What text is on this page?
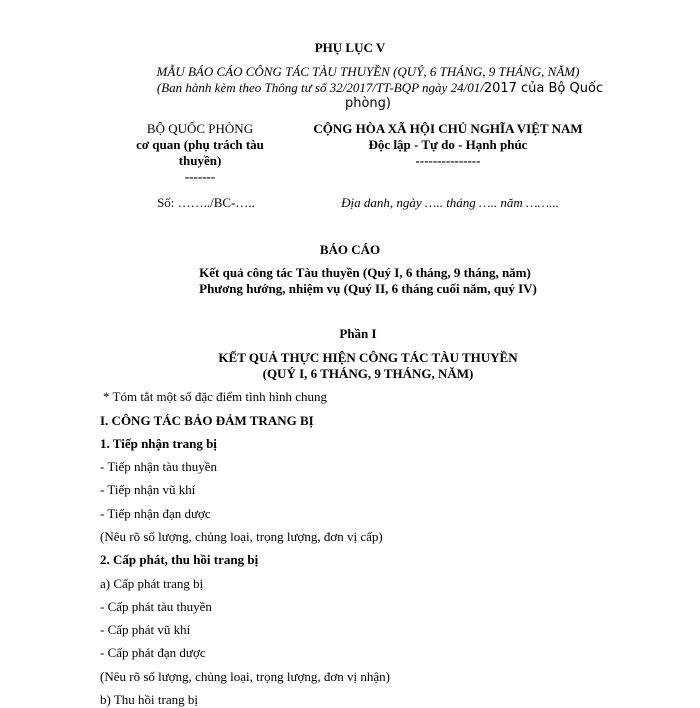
PHỤ LỤC V
MẪU BÁO CÁO CÔNG TÁC TÀU THUYỀN (QUÝ, 6 THÁNG, 9 THÁNG, NĂM)
(Ban hành kèm theo Thông tư số 32/2017/TT-BQP ngày 24/01/2017 của Bộ Quốc
phòng)
BỘ QUỐC PHÒNG
cơ quan (phụ trách tàu
thuyền)
-------
Số: ……../BC-…..
CỘNG HÒA XÃ HỘI CHỦ NGHĨA VIỆT NAM
Độc lập - Tự do - Hạnh phúc
---------------
Địa danh, ngày ….. tháng ….. năm ……...
BÁO CÁO
Kết quả công tác Tàu thuyền (Quý I, 6 tháng, 9 tháng, năm)
Phương hướng, nhiệm vụ (Quý II, 6 tháng cuối năm, quý IV)
Phần I
KẾT QUẢ THỰC HIỆN CÔNG TÁC TÀU THUYỀN
(QUÝ I, 6 THÁNG, 9 THÁNG, NĂM)
* Tóm tắt một số đặc điểm tình hình chung
I. CÔNG TÁC BẢO ĐẢM TRANG BỊ
1. Tiếp nhận trang bị
- Tiếp nhận tàu thuyền
- Tiếp nhận vũ khí
- Tiếp nhận đạn dược
(Nêu rõ số lượng, chủng loại, trọng lượng, đơn vị cấp)
2. Cấp phát, thu hồi trang bị
a) Cấp phát trang bị
- Cấp phát tàu thuyền
- Cấp phát vũ khí
- Cấp phát đạn dược
(Nêu rõ số lượng, chủng loại, trọng lượng, đơn vị nhận)
b) Thu hồi trang bị
